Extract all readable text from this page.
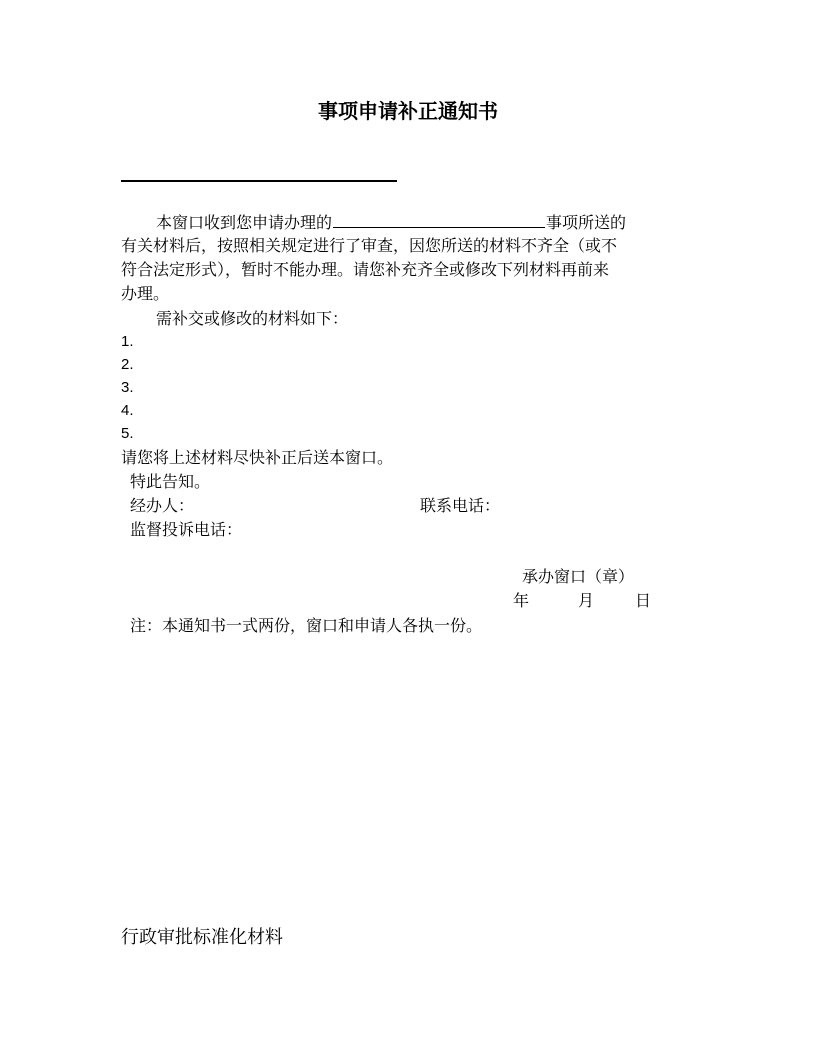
事项申请补正通知书
本窗口收到您申请办理的	事项所送的
有关材料后，按照相关规定进行了审查，因您所送的材料不齐全（或不
符合法定形式），暂时不能办理。请您补充齐全或修改下列材料再前来
办理。
需补交或修改的材料如下：
1.
2.
3.
4.
5.
请您将上述材料尽快补正后送本窗口。
特此告知。
经办人：	联系电话：
监督投诉电话：
承办窗口（章）
年	月	日
注：本通知书一式两份，窗口和申请人各执一份。
行政审批标准化材料
